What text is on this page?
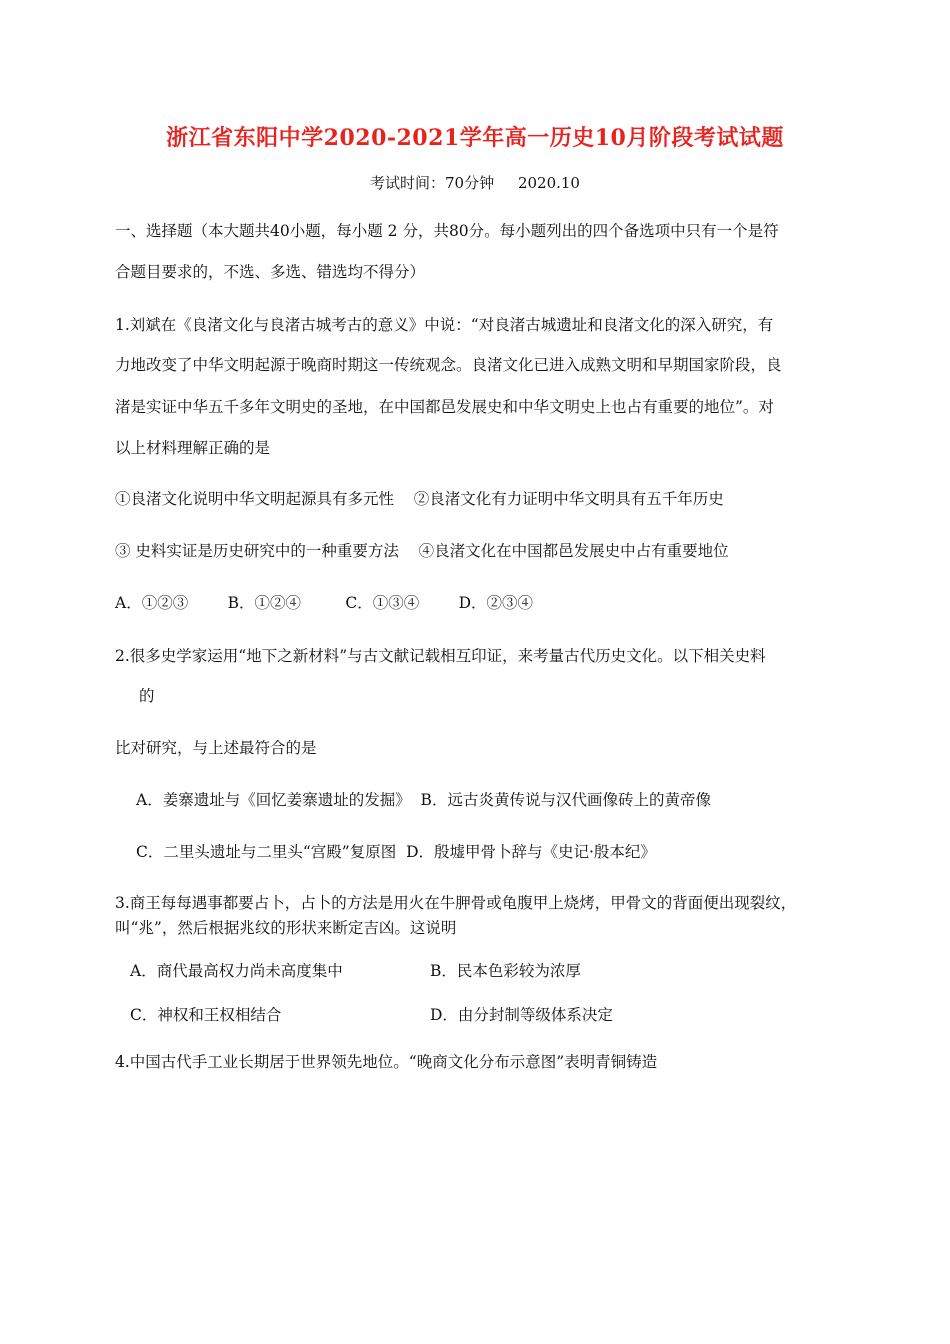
浙江省东阳中学2020-2021学年高一历史10月阶段考试试题
考试时间：70分钟     2020.10
一、选择题（本大题共40小题，每小题 2 分，共80分。每小题列出的四个备选项中只有一个是符
合题目要求的，不选、多选、错选均不得分）
1.刘斌在《良渚文化与良渚古城考古的意义》中说：“对良渚古城遗址和良渚文化的深入研究，有
力地改变了中华文明起源于晚商时期这一传统观念。良渚文化已进入成熟文明和早期国家阶段，良
渚是实证中华五千多年文明史的圣地，在中国都邑发展史和中华文明史上也占有重要的地位”。对
以上材料理解正确的是
①良渚文化说明中华文明起源具有多元性    ②良渚文化有力证明中华文明具有五千年历史
③ 史料实证是历史研究中的一种重要方法    ④良渚文化在中国都邑发展史中占有重要地位
A．①②③        B．①②④         C．①③④        D．②③④
2.很多史学家运用“地下之新材料”与古文献记载相互印证，来考量古代历史文化。以下相关史料
的
比对研究，与上述最符合的是
A．姜寨遗址与《回忆姜寨遗址的发掘》  B．远古炎黄传说与汉代画像砖上的黄帝像
C．二里头遗址与二里头“宫殿”复原图  D．殷墟甲骨卜辞与《史记·殷本纪》
3.商王每每遇事都要占卜，占卜的方法是用火在牛胛骨或龟腹甲上烧烤，甲骨文的背面便出现裂纹，
叫“兆”，然后根据兆纹的形状来断定吉凶。这说明
A．商代最高权力尚未高度集中	B．民本色彩较为浓厚
C．神权和王权相结合	D．由分封制等级体系决定
4.中国古代手工业长期居于世界领先地位。“晚商文化分布示意图”表明青铜铸造
